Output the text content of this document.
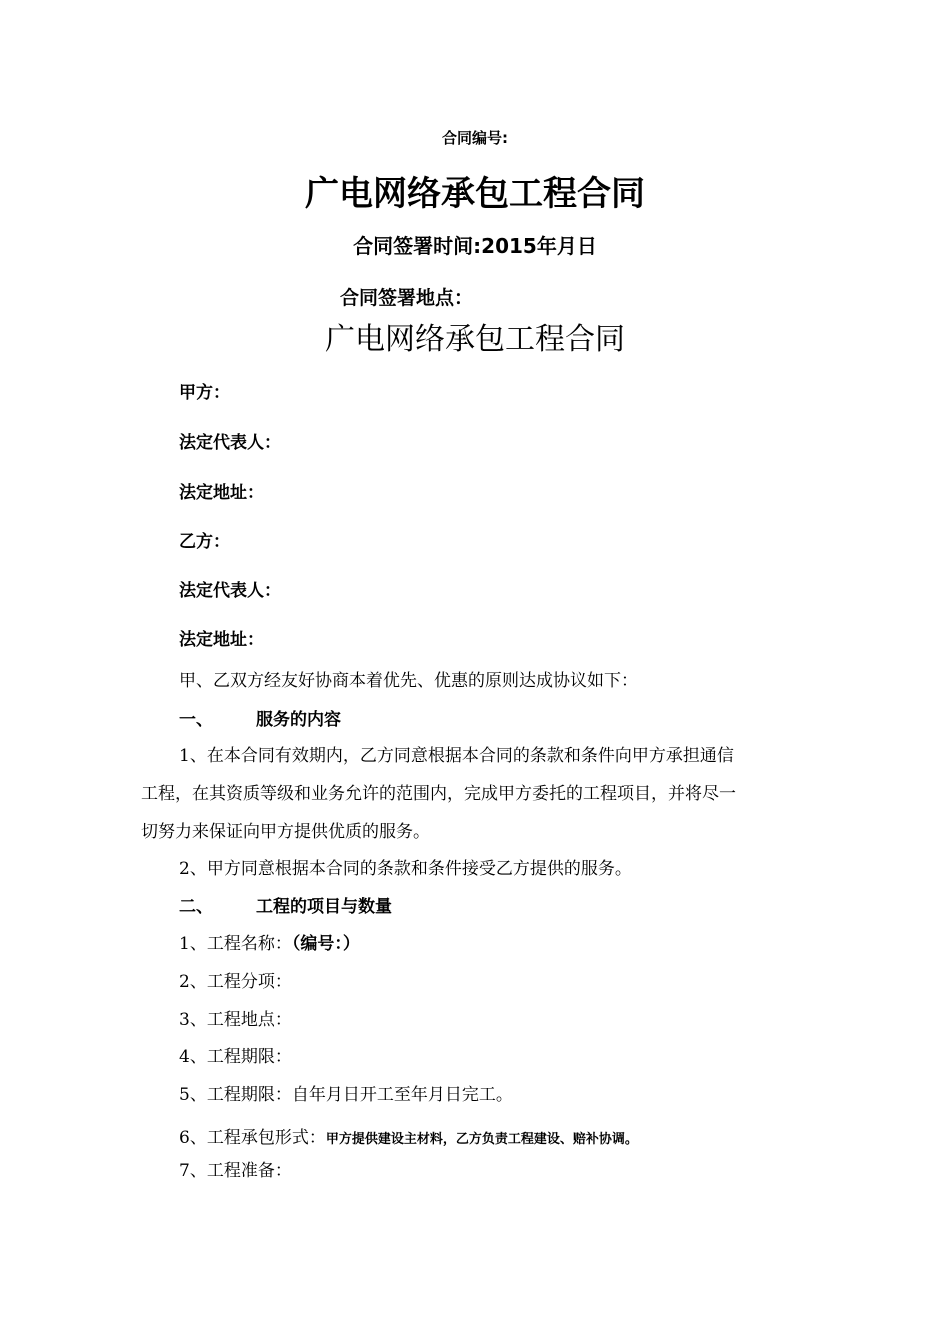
合同编号:
广电网络承包工程合同
合同签署时间:2015年月日
合同签署地点：
广电网络承包工程合同
甲方：
法定代表人：
法定地址：
乙方：
法定代表人：
法定地址：
甲、乙双方经友好协商本着优先、优惠的原则达成协议如下：
一、	服务的内容
1、在本合同有效期内，乙方同意根据本合同的条款和条件向甲方承担通信
工程，在其资质等级和业务允许的范围内，完成甲方委托的工程项目，并将尽一
切努力来保证向甲方提供优质的服务。
2、甲方同意根据本合同的条款和条件接受乙方提供的服务。
二、	工程的项目与数量
1、工程名称：（编号：）
2、工程分项：
3、工程地点：
4、工程期限：
5、工程期限：自年月日开工至年月日完工。
6、工程承包形式：甲方提供建设主材料，乙方负责工程建设、赔补协调。
7、工程准备：
